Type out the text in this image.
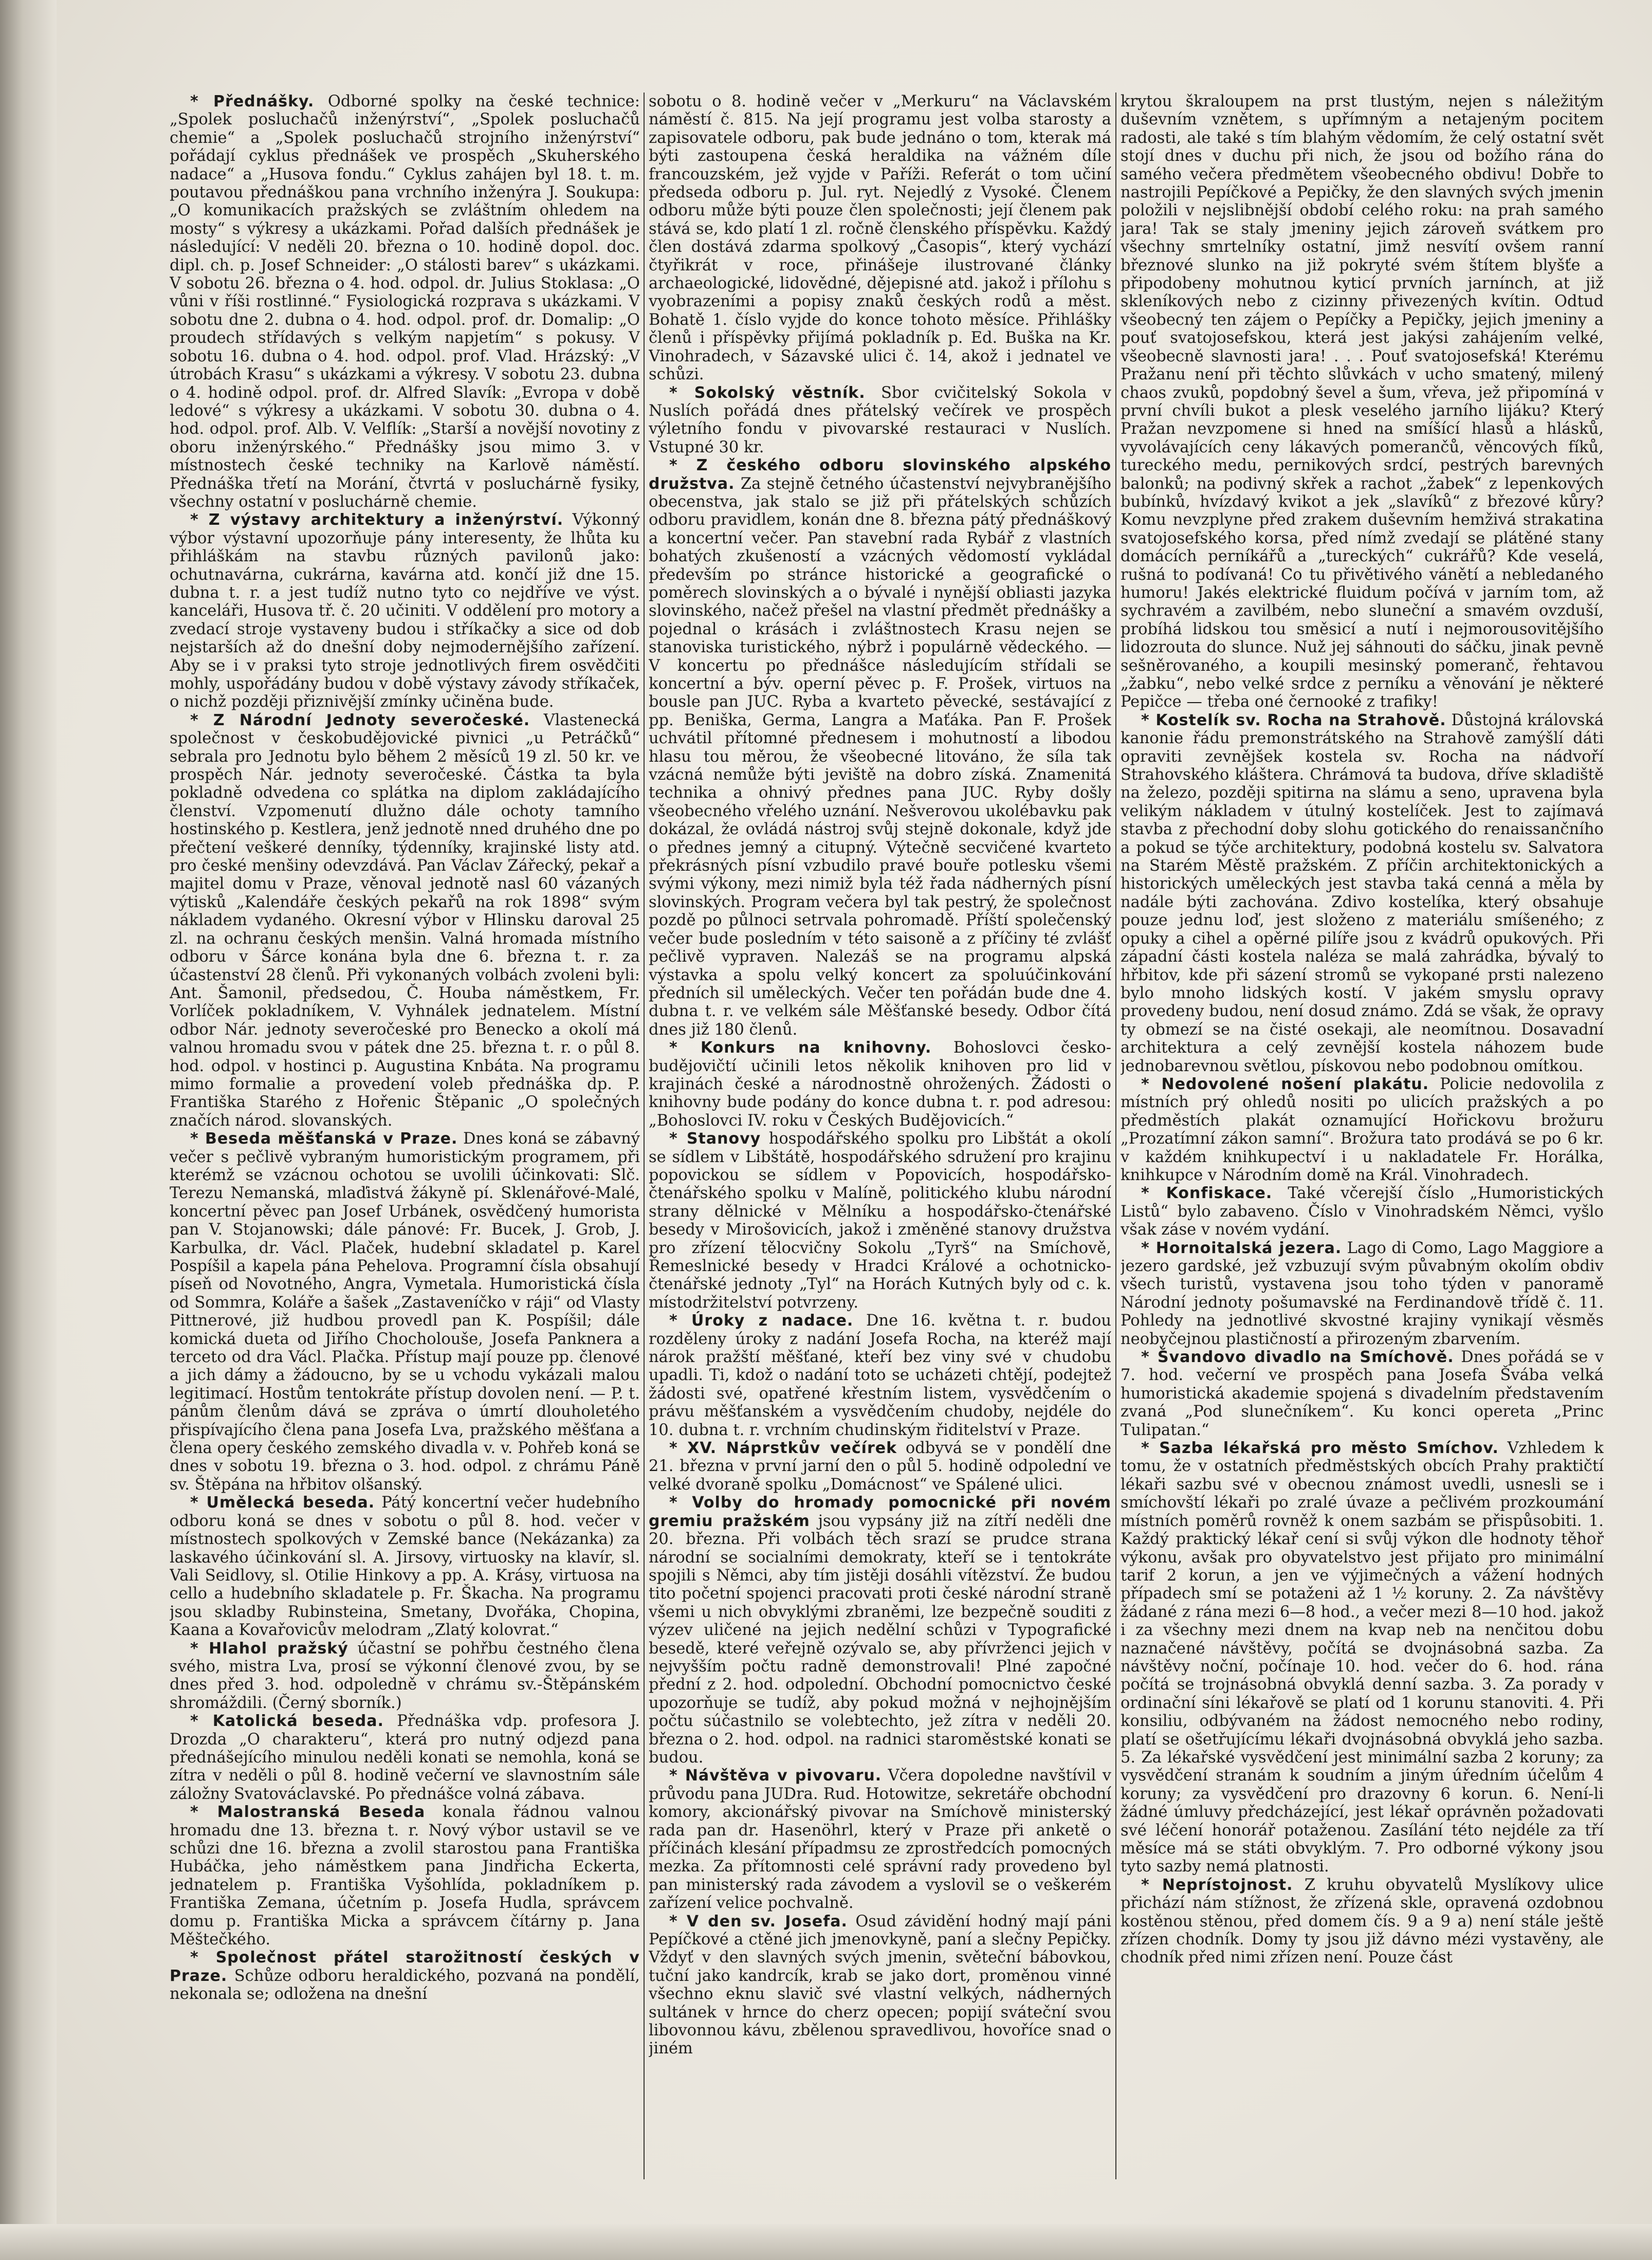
* Přednášky. Odborné spolky na české technice: „Spolek posluchačů inženýrství“, „Spolek posluchačů chemie“ a „Spolek posluchačů strojního inženýrství“ pořádají cyklus přednášek ve prospěch „Skuherského nadace“ a „Husova fondu.“ Cyklus zahájen byl 18. t. m. poutavou přednáškou pana vrchního inženýra J. Soukupa: „O komunikacích pražských se zvláštním ohledem na mosty“ s výkresy a ukázkami. Pořad dalších přednášek je následující: V neděli 20. března o 10. hodině dopol. doc. dipl. ch. p. Josef Schneider: „O stálosti barev“ s ukázkami. V sobotu 26. března o 4. hod. odpol. dr. Julius Stoklasa: „O vůni v říši rostlinné.“ Fysiologická rozprava s ukázkami. V sobotu dne 2. dubna o 4. hod. odpol. prof. dr. Domalip: „O proudech střídavých s velkým napjetím“ s pokusy. V sobotu 16. dubna o 4. hod. odpol. prof. Vlad. Hrázský: „V útrobách Krasu“ s ukázkami a výkresy. V sobotu 23. dubna o 4. hodině odpol. prof. dr. Alfred Slavík: „Evropa v době ledové“ s výkresy a ukázkami. V sobotu 30. dubna o 4. hod. odpol. prof. Alb. V. Velflík: „Starší a novější novotiny z oboru inženýrského.“ Přednášky jsou mimo 3. v místnostech české techniky na Karlově náměstí. Přednáška třetí na Morání, čtvrtá v posluchárně fysiky, všechny ostatní v posluchárně chemie.

* Z výstavy architektury a inženýrství. Výkonný výbor výstavní upozorňuje pány interesenty, že lhůta ku přihláškám na stavbu různých pavilonů jako: ochutnavárna, cukrárna, kavárna atd. končí již dne 15. dubna t. r. a jest tudíž nutno tyto co nejdříve ve výst. kanceláři, Husova tř. č. 20 učiniti. V oddělení pro motory a zvedací stroje vystaveny budou i stříkačky a sice od dob nejstarších až do dnešní doby nejmodernějšího zařízení. Aby se i v praksi tyto stroje jednotlivých firem osvědčiti mohly, uspořádány budou v době výstavy závody stříkaček, o nichž později přiznivější zmínky učiněna bude.

* Z Národní Jednoty severočeské. Vlastenecká společnost v českobudějovické pivnici „u Petráčků“ sebrala pro Jednotu bylo během 2 měsíců 19 zl. 50 kr. ve prospěch Nár. jednoty severočeské. Částka ta byla pokladně odvedena co splátka na diplom zakládajícího členství. Vzpomenutí dlužno dále ochoty tamního hostinského p. Kestlera, jenž jednotě nned druhého dne po přečtení veškeré denníky, týdenníky, krajinské listy atd. pro české menšiny odevzdává. Pan Václav Zářecký, pekař a majitel domu v Praze, věnoval jednotě nasl 60 vázaných výtisků „Kalendáře českých pekařů na rok 1898“ svým nákladem vydaného. Okresní výbor v Hlinsku daroval 25 zl. na ochranu českých menšin. Valná hromada místního odboru v Šárce konána byla dne 6. března t. r. za účastenství 28 členů. Při vykonaných volbách zvoleni byli: Ant. Šamonil, předsedou, Č. Houba náměstkem, Fr. Vorlíček pokladníkem, V. Vyhnálek jednatelem. Místní odbor Nár. jednoty severočeské pro Benecko a okolí má valnou hromadu svou v pátek dne 25. března t. r. o půl 8. hod. odpol. v hostinci p. Augustina Knbáta. Na programu mimo formalie a provedení voleb přednáška dp. P. Františka Starého z Hořenic Štěpanic „O společných značích národ. slovanských.

* Beseda měšťanská v Praze. Dnes koná se zábavný večer s pečlivě vybraným humoristickým programem, při kterémž se vzácnou ochotou se uvolili účinkovati: Slč. Terezu Nemanská, mlaďistvá žákyně pí. Sklenářové-Malé, koncertní pěvec pan Josef Urbánek, osvědčený humorista pan V. Stojanowski; dále pánové: Fr. Bucek, J. Grob, J. Karbulka, dr. Václ. Plaček, hudební skladatel p. Karel Pospíšil a kapela pána Pehelova. Programní čísla obsahují píseň od Novotného, Angra, Vymetala. Humoristická čísla od Sommra, Koláře a šašek „Zastaveníčko v ráji“ od Vlasty Pittnerové, již hudbou provedl pan K. Pospíšil; dále komická dueta od Jiřího Chocholouše, Josefa Panknera a terceto od dra Václ. Plačka. Přístup mají pouze pp. členové a jich dámy a žádoucno, by se u vchodu vykázali malou legitimací. Hostům tentokráte přístup dovolen není. — P. t. pánům členům dává se zpráva o úmrtí dlouholetého přispívajícího člena pana Josefa Lva, pražského měšťana a člena opery českého zemského divadla v. v. Pohřeb koná se dnes v sobotu 19. března o 3. hod. odpol. z chrámu Páně sv. Štěpána na hřbitov olšanský.

* Umělecká beseda. Pátý koncertní večer hudebního odboru koná se dnes v sobotu o půl 8. hod. večer v místnostech spolkových v Zemské bance (Nekázanka) za laskavého účinkování sl. A. Jirsovy, virtuosky na klavír, sl. Vali Seidlovy, sl. Otilie Hinkovy a pp. A. Krásy, virtuosa na cello a hudebního skladatele p. Fr. Škacha. Na programu jsou skladby Rubinsteina, Smetany, Dvořáka, Chopina, Kaana a Kovařovicův melodram „Zlatý kolovrat.“

* Hlahol pražský účastní se pohřbu čestného člena svého, mistra Lva, prosí se výkonní členové zvou, by se dnes před 3. hod. odpoledně v chrámu sv.-Štěpánském shromáždili. (Černý sborník.)

* Katolická beseda. Přednáška vdp. profesora J. Drozda „O charakteru“, která pro nutný odjezd pana přednášejícího minulou neděli konati se nemohla, koná se zítra v neděli o půl 8. hodině večerní ve slavnostním sále záložny Svatováclavské. Po přednášce volná zábava.

* Malostranská Beseda konala řádnou valnou hromadu dne 13. března t. r. Nový výbor ustavil se ve schůzi dne 16. března a zvolil starostou pana Františka Hubáčka, jeho náměstkem pana Jindřicha Eckerta, jednatelem p. Františka Vyšohlída, pokladníkem p. Františka Zemana, účetním p. Josefa Hudla, správcem domu p. Františka Micka a správcem čítárny p. Jana Měštečkého.

* Společnost přátel starožitností českých v Praze. Schůze odboru heraldického, pozvaná na pondělí, nekonala se; odložena na dnešní

sobotu o 8. hodině večer v „Merkuru“ na Václavském náměstí č. 815. Na její programu jest volba starosty a zapisovatele odboru, pak bude jednáno o tom, kterak má býti zastoupena česká heraldika na vážném díle francouzském, jež vyjde v Paříži. Referát o tom učiní předseda odboru p. Jul. ryt. Nejedlý z Vysoké. Členem odboru může býti pouze člen společnosti; její členem pak stává se, kdo platí 1 zl. ročně členského příspěvku. Každý člen dostává zdarma spolkový „Časopis“, který vychází čtyřikrát v roce, přinášeje ilustrované články archaeologické, lidovědné, dějepisné atd. jakož i přílohu s vyobrazeními a popisy znaků českých rodů a měst. Bohatě 1. číslo vyjde do konce tohoto měsíce. Přihlášky členů i příspěvky přijímá pokladník p. Ed. Buška na Kr. Vinohradech, v Sázavské ulici č. 14, akož i jednatel ve schůzi.

* Sokolský věstník. Sbor cvičitelský Sokola v Nuslích pořádá dnes přátelský večírek ve prospěch výletního fondu v pivovarské restauraci v Nuslích. Vstupné 30 kr.

* Z českého odboru slovinského alpského družstva. Za stejně četného účastenství nejvybranějšího obecenstva, jak stalo se již při přátelských schůzích odboru pravidlem, konán dne 8. března pátý přednáškový a koncertní večer. Pan stavební rada Rybář z vlastních bohatých zkušeností a vzácných vědomostí vykládal především po stránce historické a geografické o poměrech slovinských a o bývalé i nynější obliasti jazyka slovinského, načež přešel na vlastní předmět přednášky a pojednal o krásách i zvláštnostech Krasu nejen se stanoviska turistického, nýbrž i populárně vědeckého. — V koncertu po přednášce následujícím střídali se koncertní a býv. operní pěvec p. F. Prošek, virtuos na bousle pan JUC. Ryba a kvarteto pěvecké, sestávající z pp. Beniška, Germa, Langra a Maťáka. Pan F. Prošek uchvátil přítomné přednesem i mohutností a libodou hlasu tou měrou, že všeobecné litováno, že síla tak vzácná nemůže býti jeviště na dobro získá. Znamenitá technika a ohnivý přednes pana JUC. Ryby došly všeobecného vřelého uznání. Nešverovou ukolébavku pak dokázal, že ovládá nástroj svůj stejně dokonale, když jde o přednes jemný a citupný. Výtečně secvičené kvarteto překrásných písní vzbudilo pravé bouře potlesku všemi svými výkony, mezi nimiž byla též řada nádherných písní slovinských. Program večera byl tak pestrý, že společnost pozdě po půlnoci setrvala pohromadě. Příští společenský večer bude posledním v této saisoně a z příčiny té zvlášť pečlivě vypraven. Nalezáš se na programu alpská výstavka a spolu velký koncert za spoluúčinkování předních sil uměleckých. Večer ten pořádán bude dne 4. dubna t. r. ve velkém sále Měšťanské besedy. Odbor čítá dnes již 180 členů.

* Konkurs na knihovny. Bohoslovci česko-budějovičtí učinili letos několik knihoven pro lid v krajinách české a národnostně ohrožených. Žádosti o knihovny bude podány do konce dubna t. r. pod adresou: „Bohoslovci IV. roku v Českých Budějovicích.“

* Stanovy hospodářského spolku pro Libštát a okolí se sídlem v Libštátě, hospodářského sdružení pro krajinu popovickou se sídlem v Popovicích, hospodářsko-čtenářského spolku v Malíně, politického klubu národní strany dělnické v Mělníku a hospodářsko-čtenářské besedy v Mirošovicích, jakož i změněné stanovy družstva pro zřízení tělocvičny Sokolu „Tyrš“ na Smíchově, Řemeslnické besedy v Hradci Králové a ochotnicko-čtenářské jednoty „Tyl“ na Horách Kutných byly od c. k. místodržitelství potvrzeny.

* Úroky z nadace. Dne 16. května t. r. budou rozděleny úroky z nadání Josefa Rocha, na kteréž mají nárok pražští měšťané, kteří bez viny své v chudobu upadli. Ti, kdož o nadání toto se ucházeti chtějí, podejtež žádosti své, opatřené křestním listem, vysvědčením o právu měšťanském a vysvědčením chudoby, nejdéle do 10. dubna t. r. vrchním chudinským řiditelství v Praze.

* XV. Náprstkův večírek odbyvá se v pondělí dne 21. března v první jarní den o půl 5. hodině odpolední ve velké dvoraně spolku „Domácnost“ ve Spálené ulici.

* Volby do hromady pomocnické při novém gremiu pražském jsou vypsány již na zítří neděli dne 20. března. Při volbách těch srazí se prudce strana národní se socialními demokraty, kteří se i tentokráte spojili s Němci, aby tím jistěji dosáhli vítězství. Že budou tito početní spojenci pracovati proti české národní straně všemi u nich obvyklými zbraněmi, lze bezpečně souditi z výzev uličené na jejich nedělní schůzi v Typografické besedě, které veřejně ozývalo se, aby přívrženci jejich v nejvyšším počtu radně demonstrovali! Plné započné přední z 2. hod. odpolední. Obchodní pomocnictvo české upozorňuje se tudíž, aby pokud možná v nejhojnějším počtu súčastnilo se volebtechto, jež zítra v neděli 20. března o 2. hod. odpol. na radnici staroměstské konati se budou.

* Návštěva v pivovaru. Včera dopoledne navštívil v průvodu pana JUDra. Rud. Hotowitze, sekretáře obchodní komory, akcionářský pivovar na Smíchově ministerský rada pan dr. Hasenöhrl, který v Praze při anketě o příčinách klesání případmsu ze zprostředcích pomocných mezka. Za přítomnosti celé správní rady provedeno byl pan ministerský rada závodem a vyslovil se o veškerém zařízení velice pochvalně.

* V den sv. Josefa. Osud závidění hodný mají páni Pepíčkové a ctěné jich jmenovkyně, paní a slečny Pepičky. Vždyť v den slavných svých jmenin, světeční bábovkou, tuční jako kandrcík, krab se jako dort, proměnou vinné všechno eknu slavič své vlastní velkých, nádherných sultánek v hrnce do cherz opecen; popijí sváteční svou libovonnou kávu, zbělenou spravedlivou, hovoříce snad o jiném

krytou škraloupem na prst tlustým, nejen s náležitým duševním vznětem, s upřímným a netajeným pocitem radosti, ale také s tím blahým vědomím, že celý ostatní svět stojí dnes v duchu při nich, že jsou od božího rána do samého večera předmětem všeobecného obdivu! Dobře to nastrojili Pepíčkové a Pepičky, že den slavných svých jmenin položili v nejslibnější období celého roku: na prah samého jara! Tak se staly jmeniny jejich zároveň svátkem pro všechny smrtelníky ostatní, jimž nesvítí ovšem ranní březnové slunko na již pokryté svém štítem blyšťe a připodobeny mohutnou kyticí prvních jarnínch, at již skleníkových nebo z cizinny přivezených kvítin. Odtud všeobecný ten zájem o Pepíčky a Pepičky, jejich jmeniny a pouť svatojosefskou, která jest jakýsi zahájením velké, všeobecně slavnosti jara! . . . Pouť svatojosefská! Kterému Pražanu není při těchto slůvkách v ucho smatený, milený chaos zvuků, popdobný ševel a šum, vřeva, jež připomíná v první chvíli bukot a plesk veselého jarního lijáku? Který Pražan nevzpomene si hned na smíšící hlasů a hlásků, vyvolávajících ceny lákavých pomerančů, věncových fíků, tureckého medu, pernikových srdcí, pestrých barevných balonků; na podivný skřek a rachot „žabek“ z lepenkových bubínků, hvízdavý kvikot a jek „slavíků“ z březové kůry? Komu nevzplyne před zrakem duševním hemživá strakatina svatojosefského korsa, před nímž zvedají se plátěné stany domácích perníkářů a „tureckých“ cukrářů? Kde veselá, rušná to podívaná! Co tu přivětivého vánětí a nebledaného humoru! Jakés elektrické fluidum počívá v jarním tom, až sychravém a zavilbém, nebo sluneční a smavém ovzduší, probíhá lidskou tou směsicí a nutí i nejmorousovitějšího lidozrouta do slunce. Nuž jej sáhnouti do sáčku, jinak pevně sešněrovaného, a koupili mesinský pomeranč, řehtavou „žabku“, nebo velké srdce z perníku a věnování je některé Pepičce — třeba oné černooké z trafiky!

* Kostelík sv. Rocha na Strahově. Důstojná královská kanonie řádu premonstrátského na Strahově zamýšlí dáti opraviti zevnějšek kostela sv. Rocha na nádvoří Strahovského kláštera. Chrámová ta budova, dříve skladiště na železo, později spitirna na slámu a seno, upravena byla velikým nákladem v útulný kostelíček. Jest to zajímavá stavba z přechodní doby slohu gotického do renaissančního a pokud se týče architektury, podobná kostelu sv. Salvatora na Starém Městě pražském. Z příčin architektonických a historických uměleckých jest stavba taká cenná a měla by nadále býti zachována. Zdivo kostelíka, který obsahuje pouze jednu loď, jest složeno z materiálu smíšeného; z opuky a cihel a opěrné pilíře jsou z kvádrů opukových. Při západní části kostela naléza se malá zahrádka, bývalý to hřbitov, kde při sázení stromů se vykopané prsti nalezeno bylo mnoho lidských kostí. V jakém smyslu opravy provedeny budou, není dosud známo. Zdá se však, že opravy ty obmezí se na čisté osekaji, ale neomítnou. Dosavadní architektura a celý zevnější kostela náhozem bude jednobarevnou světlou, pískovou nebo podobnou omítkou.

* Nedovolené nošení plakátu. Policie nedovolila z místních prý ohledů nositi po ulicích pražských a po předměstích plakát oznamující Hořickovu brožuru „Prozatímní zákon samní“. Brožura tato prodává se po 6 kr. v každém knihkupectví i u nakladatele Fr. Horálka, knihkupce v Národním domě na Král. Vinohradech.

* Konfiskace. Také včerejší číslo „Humoristických Listů“ bylo zabaveno. Číslo v Vinohradském Němci, vyšlo však záse v novém vydání.

* Hornoitalská jezera. Lago di Como, Lago Maggiore a jezero gardské, jež vzbuzují svým půvabným okolím obdiv všech turistů, vystavena jsou toho týden v panoramě Národní jednoty pošumavské na Ferdinandově třídě č. 11. Pohledy na jednotlivé skvostné krajiny vynikají věsměs neobyčejnou plastičností a přirozeným zbarvením.

* Švandovo divadlo na Smíchově. Dnes pořádá se v 7. hod. večerní ve prospěch pana Josefa Švába velká humoristická akademie spojená s divadelním představením zvaná „Pod slunečníkem“. Ku konci opereta „Princ Tulipatan.“

* Sazba lékařská pro město Smíchov. Vzhledem k tomu, že v ostatních předměstských obcích Prahy praktičtí lékaři sazbu své v obecnou známost uvedli, usnesli se i smíchovští lékaři po zralé úvaze a pečlivém prozkoumání místních poměrů rovněž k onem sazbám se přispůsobiti. 1. Každý praktický lékař cení si svůj výkon dle hodnoty těhoř výkonu, avšak pro obyvatelstvo jest přijato pro minimální tarif 2 korun, a jen ve výjimečných a vážení hodných případech smí se potaženi až 1 ½ koruny. 2. Za návštěvy žádané z rána mezi 6—8 hod., a večer mezi 8—10 hod. jakož i za všechny mezi dnem na kvap neb na nenčitou dobu naznačené návštěvy, počítá se dvojnásobná sazba. Za návštěvy noční, počínaje 10. hod. večer do 6. hod. rána počítá se trojnásobná obvyklá denní sazba. 3. Za porady v ordinační síni lékařově se platí od 1 korunu stanoviti. 4. Při konsiliu, odbývaném na žádost nemocného nebo rodiny, platí se ošetřujícímu lékaři dvojnásobná obvyklá jeho sazba. 5. Za lékařské vysvědčení jest minimální sazba 2 koruny; za vysvědčení stranám k soudním a jiným úředním účelům 4 koruny; za vysvědčení pro drazovny 6 korun. 6. Není-li žádné úmluvy předcházející, jest lékař oprávněn požadovati své léčení honorář potaženou. Zasílání této nejdéle za tří měsíce má se státi obvyklým. 7. Pro odborné výkony jsou tyto sazby nemá platnosti.

* Neprístojnost. Z kruhu obyvatelů Myslíkovy ulice přichází nám stížnost, že zřízená skle, opravená ozdobnou kostěnou stěnou, před domem čís. 9 a 9 a) není stále ještě zřízen chodník. Domy ty jsou již dávno mézi vystavěny, ale chodník před nimi zřízen není. Pouze část
